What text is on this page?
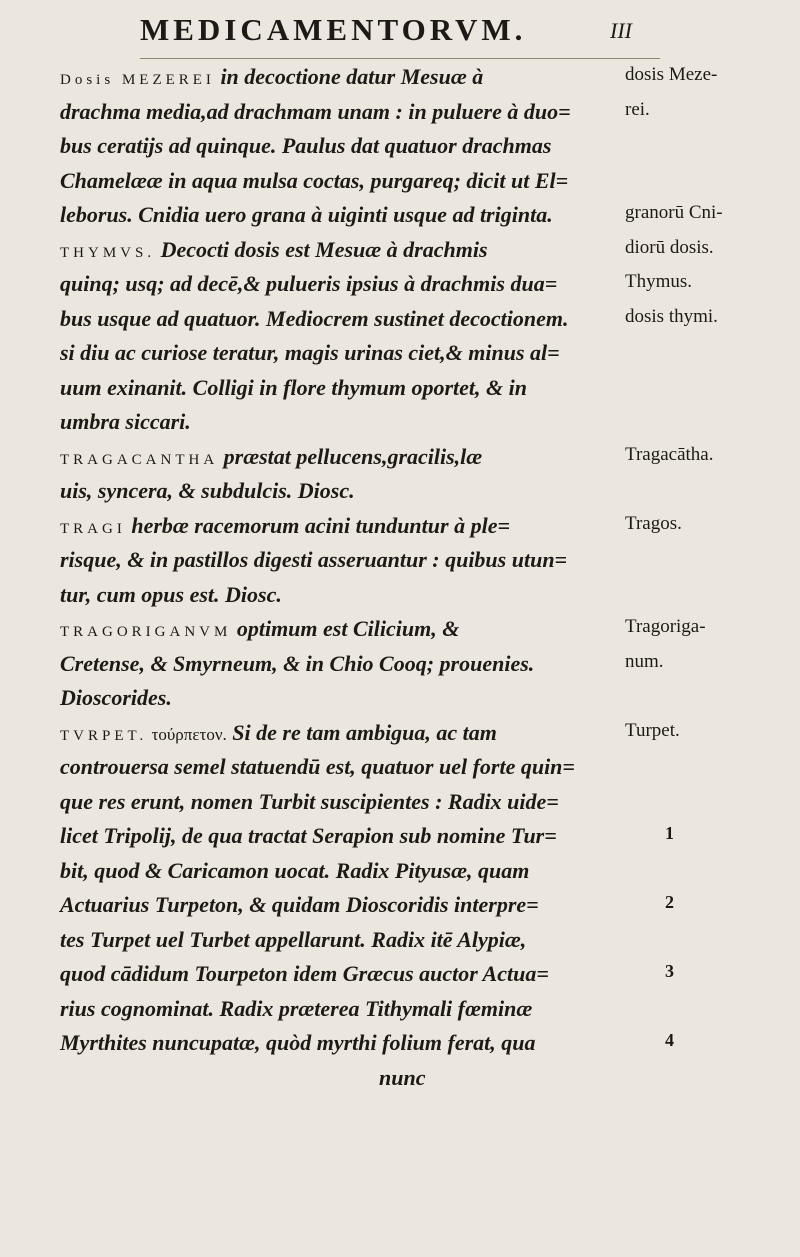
MEDICAMENTORVM.	III
Dosis MEZEREI in decoctione datur Mesuæ à
drachma media,ad drachmam unam : in puluere à duo=
bus ceratijs ad quinque. Paulus dat quatuor drachmas
Chamelææ in aqua mulsa coctas, purgareq; dicit ut El=
leborus. Cnidia uero grana à uiginti usque ad triginta.
THYMVS. Decocti dosis est Mesuæ à drachmis
quinq; usq; ad decē,& pulueris ipsius à drachmis dua=
bus usque ad quatuor. Mediocrem sustinet decoctionem.
si diu ac curiose teratur, magis urinas ciet,& minus al=
uum exinanit. Colligi in flore thymum oportet, & in
umbra siccari.
TRAGACANTHA præstat pellucens,gracilis,læ
uis, syncera, & subdulcis. Diosc.
TRAGI herbæ racemorum acini tunduntur à ple=
risque, & in pastillos digesti asseruantur : quibus utun=
tur, cum opus est. Diosc.
TRAGORIGANVM optimum est Cilicium, &
Cretense, & Smyrneum, & in Chio Cooq; prouenies.
Dioscorides.
TVRPET. τούρπετον. Si de re tam ambigua, ac tam
controuersa semel statuendū est, quatuor uel forte quin=
que res erunt, nomen Turbit suscipientes : Radix uide=
licet Tripolij, de qua tractat Serapion sub nomine Tur=
bit, quod & Caricamon uocat. Radix Pityusæ, quam
Actuarius Turpeton, & quidam Dioscoridis interpre=
tes Turpet uel Turbet appellarunt. Radix itē Alypiæ,
quod cādidum Tourpeton idem Græcus auctor Actua=
rius cognominat. Radix præterea Tithymali fœminæ
Myrthites nuncupatæ, quòd myrthi folium ferat, qua
nunc
dosis Meze-
rei.
granorū Cni-
diorū dosis.
Thymus.
dosis thymi.
Tragacātha.
Tragos.
Tragoriga-
num.
Turpet.
1
2
3
4
